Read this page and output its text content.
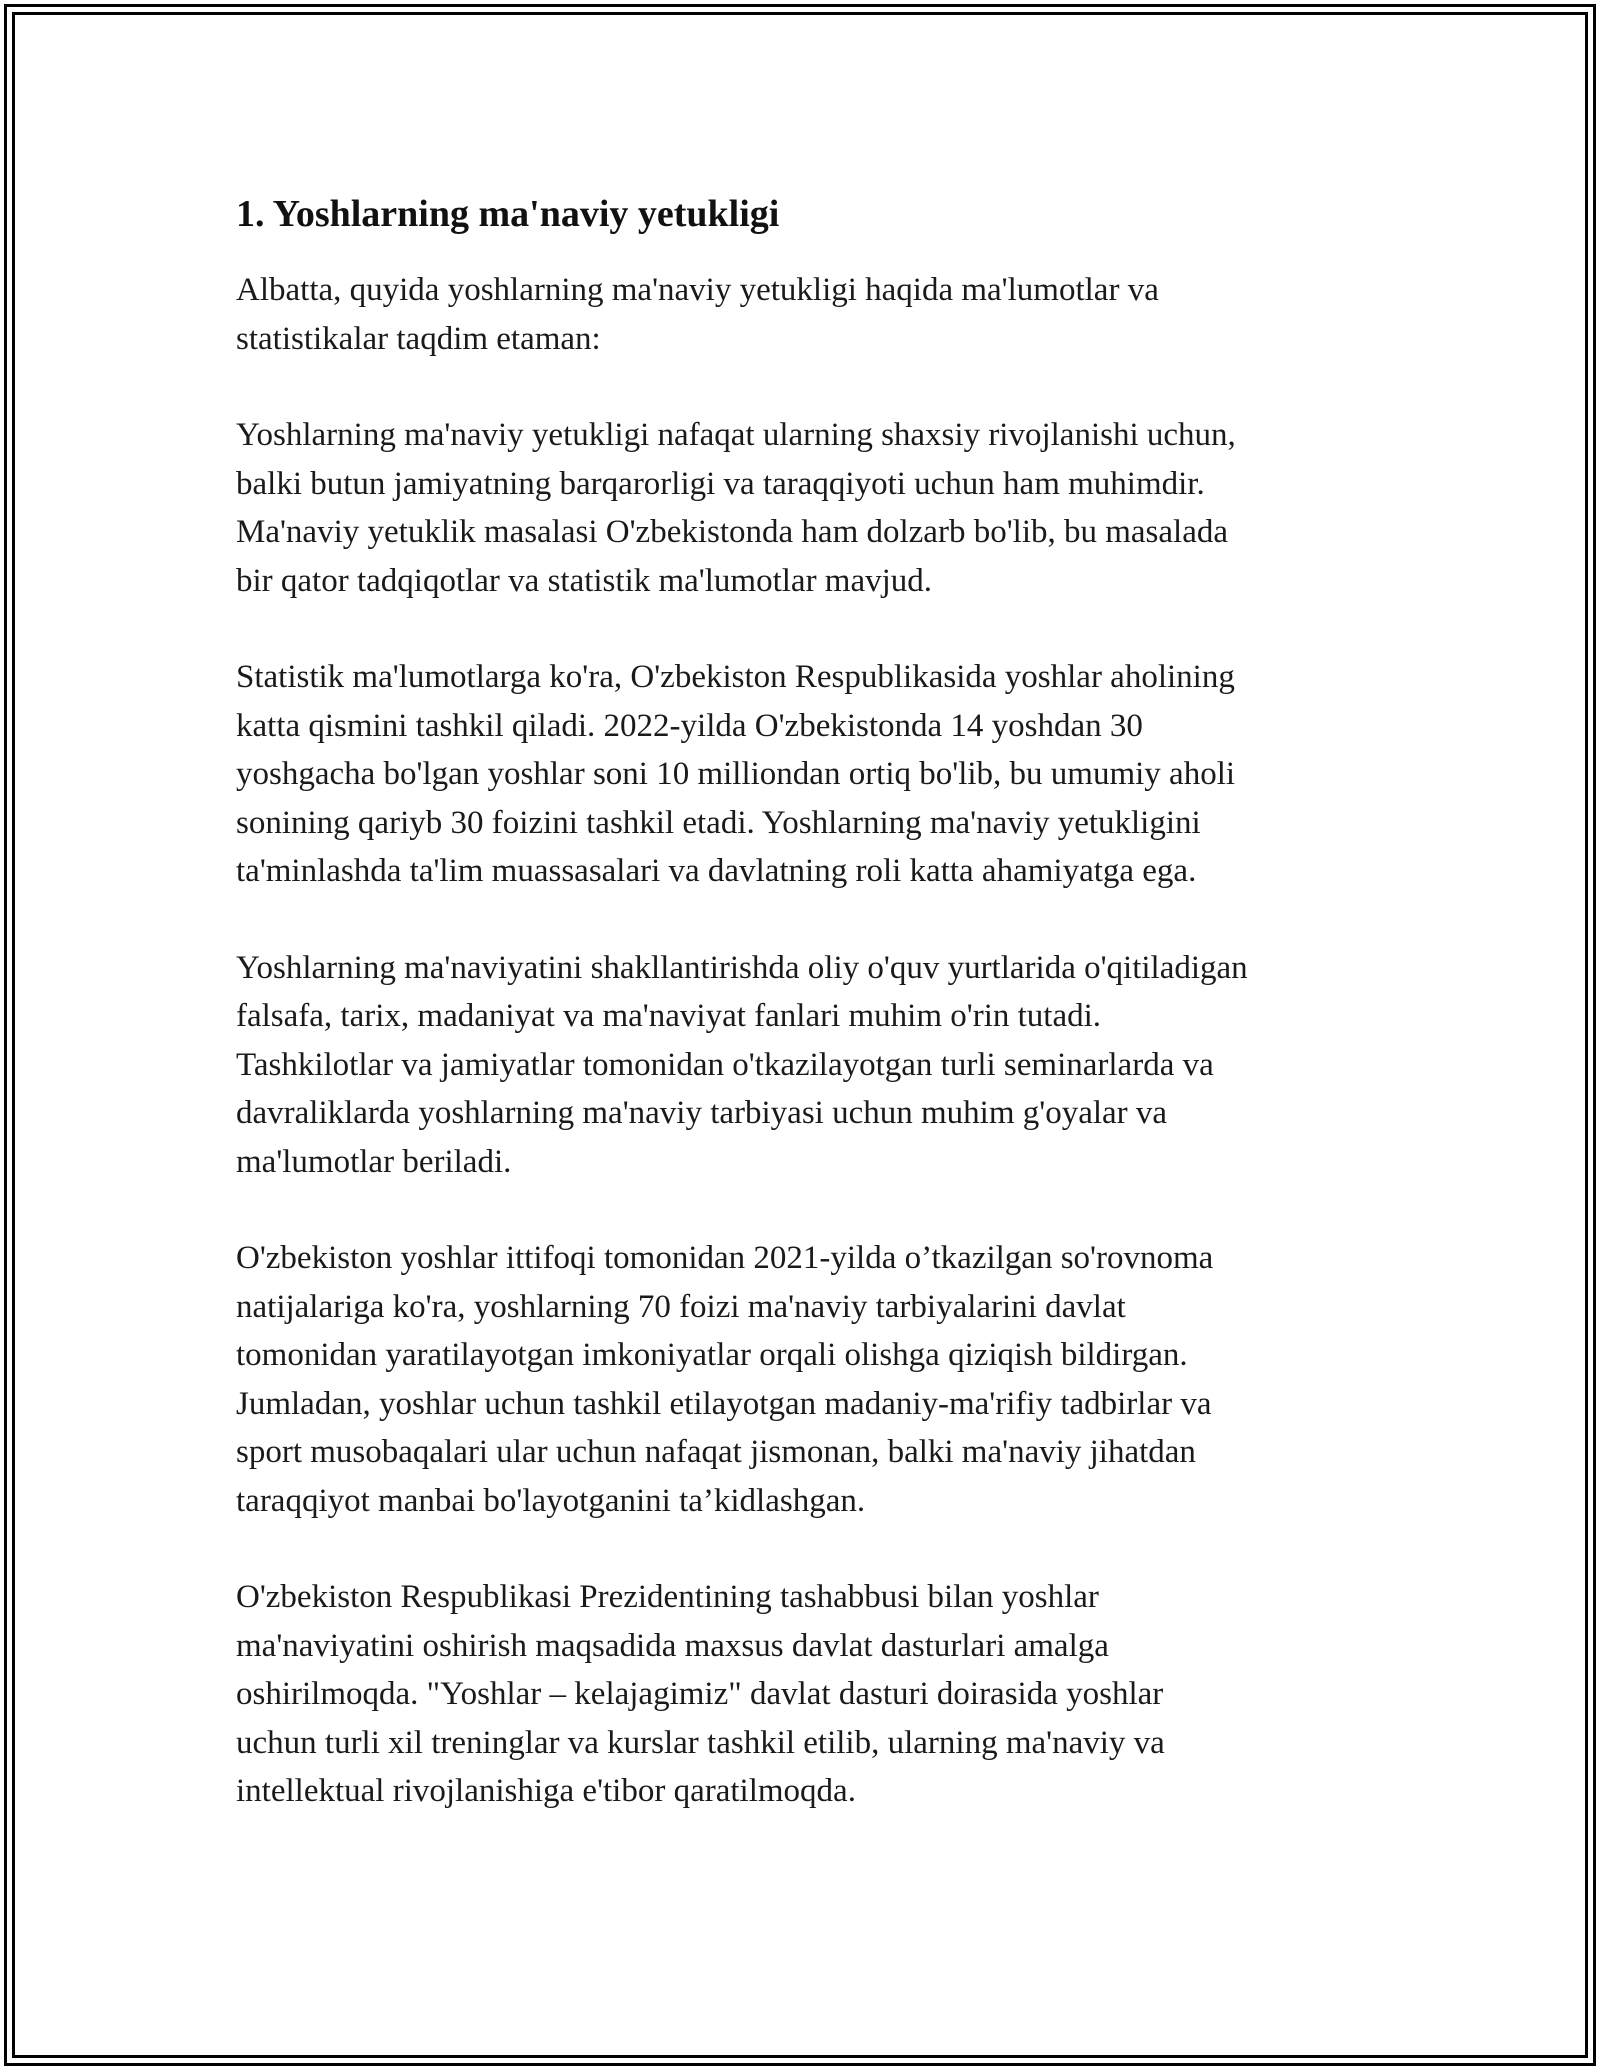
1. Yoshlarning ma'naviy yetukligi

Albatta, quyida yoshlarning ma'naviy yetukligi haqida ma'lumotlar va
statistikalar taqdim etaman:

Yoshlarning ma'naviy yetukligi nafaqat ularning shaxsiy rivojlanishi uchun,
balki butun jamiyatning barqarorligi va taraqqiyoti uchun ham muhimdir.
Ma'naviy yetuklik masalasi O'zbekistonda ham dolzarb bo'lib, bu masalada
bir qator tadqiqotlar va statistik ma'lumotlar mavjud.

Statistik ma'lumotlarga ko'ra, O'zbekiston Respublikasida yoshlar aholining
katta qismini tashkil qiladi. 2022-yilda O'zbekistonda 14 yoshdan 30
yoshgacha bo'lgan yoshlar soni 10 milliondan ortiq bo'lib, bu umumiy aholi
sonining qariyb 30 foizini tashkil etadi. Yoshlarning ma'naviy yetukligini
ta'minlashda ta'lim muassasalari va davlatning roli katta ahamiyatga ega.

Yoshlarning ma'naviyatini shakllantirishda oliy o'quv yurtlarida o'qitiladigan
falsafa, tarix, madaniyat va ma'naviyat fanlari muhim o'rin tutadi.
Tashkilotlar va jamiyatlar tomonidan o'tkazilayotgan turli seminarlarda va
davraliklarda yoshlarning ma'naviy tarbiyasi uchun muhim g'oyalar va
ma'lumotlar beriladi.

O'zbekiston yoshlar ittifoqi tomonidan 2021-yilda o’tkazilgan so'rovnoma
natijalariga ko'ra, yoshlarning 70 foizi ma'naviy tarbiyalarini davlat
tomonidan yaratilayotgan imkoniyatlar orqali olishga qiziqish bildirgan.
Jumladan, yoshlar uchun tashkil etilayotgan madaniy-ma'rifiy tadbirlar va
sport musobaqalari ular uchun nafaqat jismonan, balki ma'naviy jihatdan
taraqqiyot manbai bo'layotganini ta’kidlashgan.

O'zbekiston Respublikasi Prezidentining tashabbusi bilan yoshlar
ma'naviyatini oshirish maqsadida maxsus davlat dasturlari amalga
oshirilmoqda. "Yoshlar – kelajagimiz" davlat dasturi doirasida yoshlar
uchun turli xil treninglar va kurslar tashkil etilib, ularning ma'naviy va
intellektual rivojlanishiga e'tibor qaratilmoqda.
